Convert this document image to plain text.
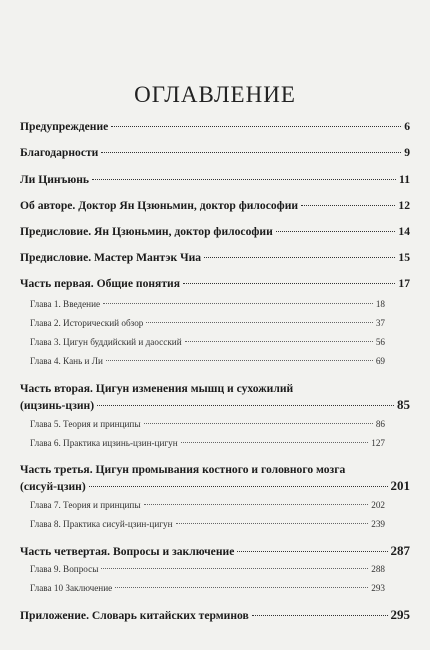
ОГЛАВЛЕНИЕ
Предупреждение	6
Благодарности	9
Ли Цинъюнь	11
Об авторе. Доктор Ян Цзюньмин, доктор философии	12
Предисловие. Ян Цзюньмин, доктор философии	14
Предисловие. Мастер Мантэк Чиа	15
Часть первая. Общие понятия	17
Глава 1. Введение	18
Глава 2. Исторический обзор	37
Глава 3. Цигун буддийский и даосский	56
Глава 4. Кань и Ли	69
Часть вторая. Цигун изменения мышц и сухожилий
(ицзинь-цзин)	85
Глава 5. Теория и принципы	86
Глава 6. Практика ицзинь-цзин-цигун	127
Часть третья. Цигун промывания костного и головного мозга
(сисуй-цзин)	201
Глава 7. Теория и принципы	202
Глава 8. Практика сисуй-цзин-цигун	239
Часть четвертая. Вопросы и заключение	287
Глава 9. Вопросы	288
Глава 10 Заключение	293
Приложение. Словарь китайских терминов	295
